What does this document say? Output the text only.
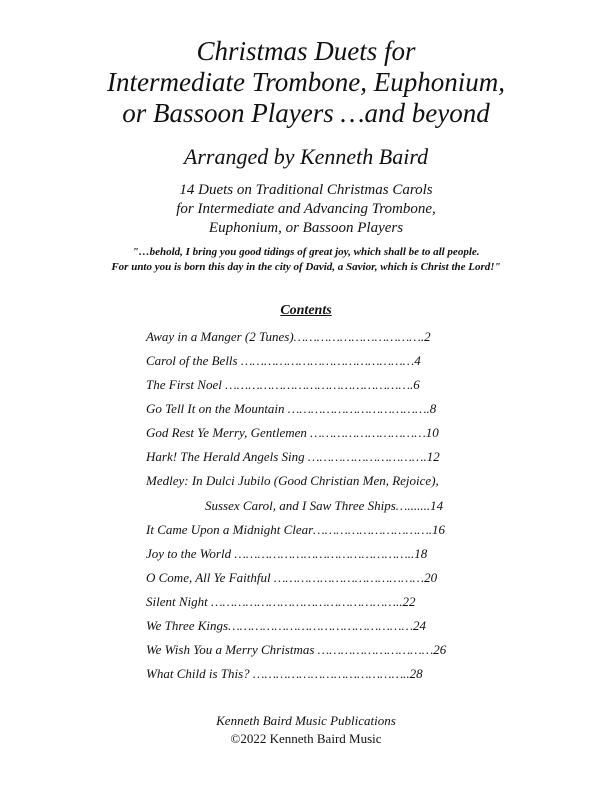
Christmas Duets for
Intermediate Trombone, Euphonium,
or Bassoon Players …and beyond
Arranged by Kenneth Baird
14 Duets on Traditional Christmas Carols
for Intermediate and Advancing Trombone,
Euphonium, or Bassoon Players
"…behold, I bring you good tidings of great joy, which shall be to all people.
For unto you is born this day in the city of David, a Savior, which is Christ the Lord!"
Contents
Away in a Manger (2 Tunes)…………………………….2
Carol of the Bells ………………………………………4
The First Noel ………………………………………….6
Go Tell It on the Mountain ……………………………….8
God Rest Ye Merry, Gentlemen …………………………10
Hark! The Herald Angels Sing ………………………….12
Medley: In Dulci Jubilo (Good Christian Men, Rejoice),
Sussex Carol, and I Saw Three Ships….......14
It Came Upon a Midnight Clear………………………….16
Joy to the World ………………………………………..18
O Come, All Ye Faithful …………………………………20
Silent Night …………………………………………..22
We Three Kings…………………………………………24
We Wish You a Merry Christmas …………………………26
What Child is This? …………………………………..28
Kenneth Baird Music Publications
©2022 Kenneth Baird Music
